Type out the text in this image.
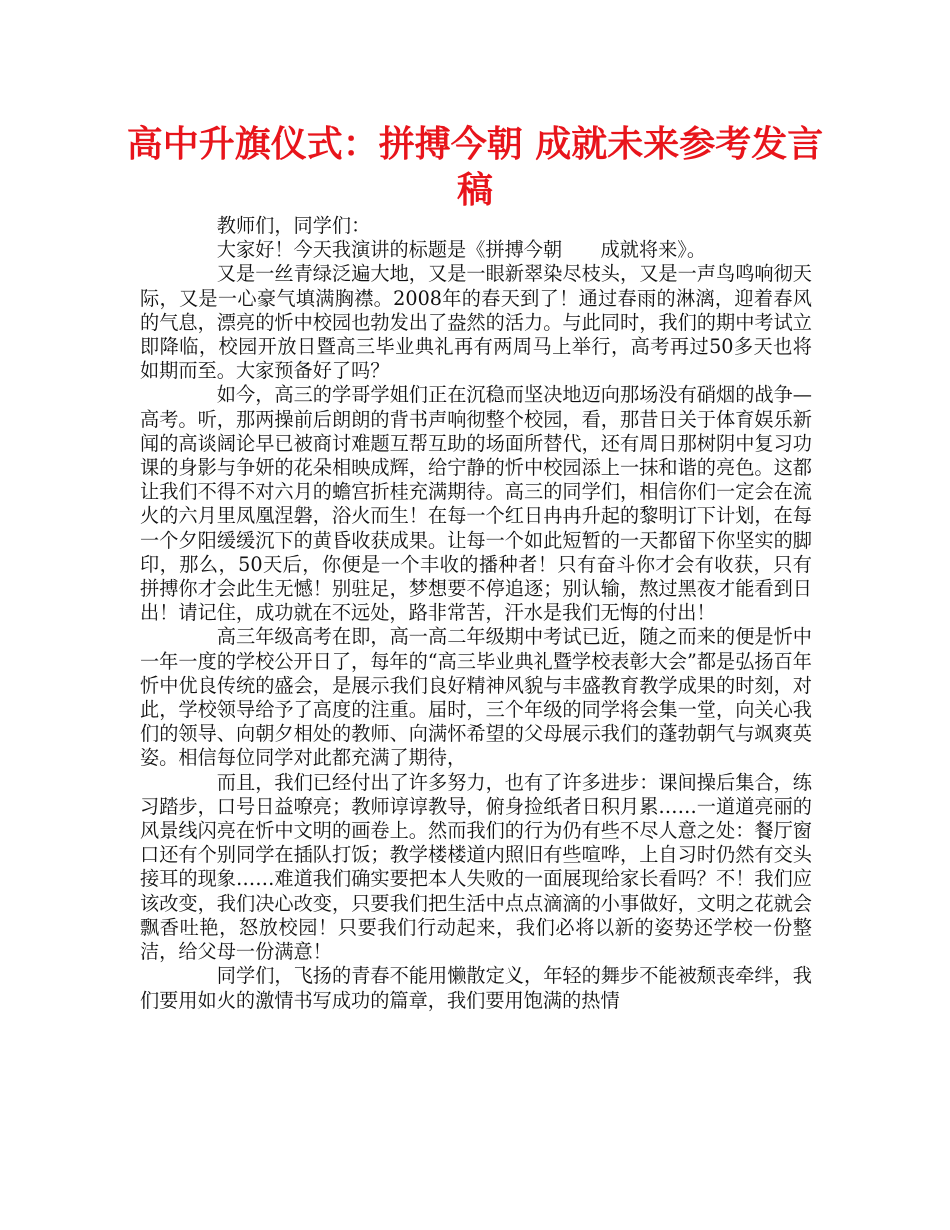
高中升旗仪式：拼搏今朝 成就未来参考发言稿

教师们，同学们：

大家好！今天我演讲的标题是《拼搏今朝　　成就将来》。

又是一丝青绿泛遍大地，又是一眼新翠染尽枝头，又是一声鸟鸣响彻天际，又是一心豪气填满胸襟。2008年的春天到了！通过春雨的淋漓，迎着春风的气息，漂亮的忻中校园也勃发出了盎然的活力。与此同时，我们的期中考试立即降临，校园开放日暨高三毕业典礼再有两周马上举行，高考再过50多天也将如期而至。大家预备好了吗？

如今，高三的学哥学姐们正在沉稳而坚决地迈向那场没有硝烟的战争—高考。听，那两操前后朗朗的背书声响彻整个校园，看，那昔日关于体育娱乐新闻的高谈阔论早已被商讨难题互帮互助的场面所替代，还有周日那树阴中复习功课的身影与争妍的花朵相映成辉，给宁静的忻中校园添上一抹和谐的亮色。这都让我们不得不对六月的蟾宫折桂充满期待。高三的同学们，相信你们一定会在流火的六月里凤凰涅磐，浴火而生！在每一个红日冉冉升起的黎明订下计划，在每一个夕阳缓缓沉下的黄昏收获成果。让每一个如此短暂的一天都留下你坚实的脚印，那么，50天后，你便是一个丰收的播种者！只有奋斗你才会有收获，只有拼搏你才会此生无憾！别驻足，梦想要不停追逐；别认输，熬过黑夜才能看到日出！请记住，成功就在不远处，路非常苦，汗水是我们无悔的付出！

高三年级高考在即，高一高二年级期中考试已近，随之而来的便是忻中一年一度的学校公开日了，每年的“高三毕业典礼暨学校表彰大会”都是弘扬百年忻中优良传统的盛会，是展示我们良好精神风貌与丰盛教育教学成果的时刻，对此，学校领导给予了高度的注重。届时，三个年级的同学将会集一堂，向关心我们的领导、向朝夕相处的教师、向满怀希望的父母展示我们的蓬勃朝气与飒爽英姿。相信每位同学对此都充满了期待，

而且，我们已经付出了许多努力，也有了许多进步：课间操后集合，练习踏步，口号日益嘹亮；教师谆谆教导，俯身捡纸者日积月累……一道道亮丽的风景线闪亮在忻中文明的画卷上。然而我们的行为仍有些不尽人意之处：餐厅窗口还有个别同学在插队打饭；教学楼楼道内照旧有些喧哗，上自习时仍然有交头接耳的现象……难道我们确实要把本人失败的一面展现给家长看吗？不！我们应该改变，我们决心改变，只要我们把生活中点点滴滴的小事做好，文明之花就会飘香吐艳，怒放校园！只要我们行动起来，我们必将以新的姿势还学校一份整洁，给父母一份满意！

同学们，飞扬的青春不能用懒散定义，年轻的舞步不能被颓丧牵绊，我们要用如火的激情书写成功的篇章，我们要用饱满的热情
